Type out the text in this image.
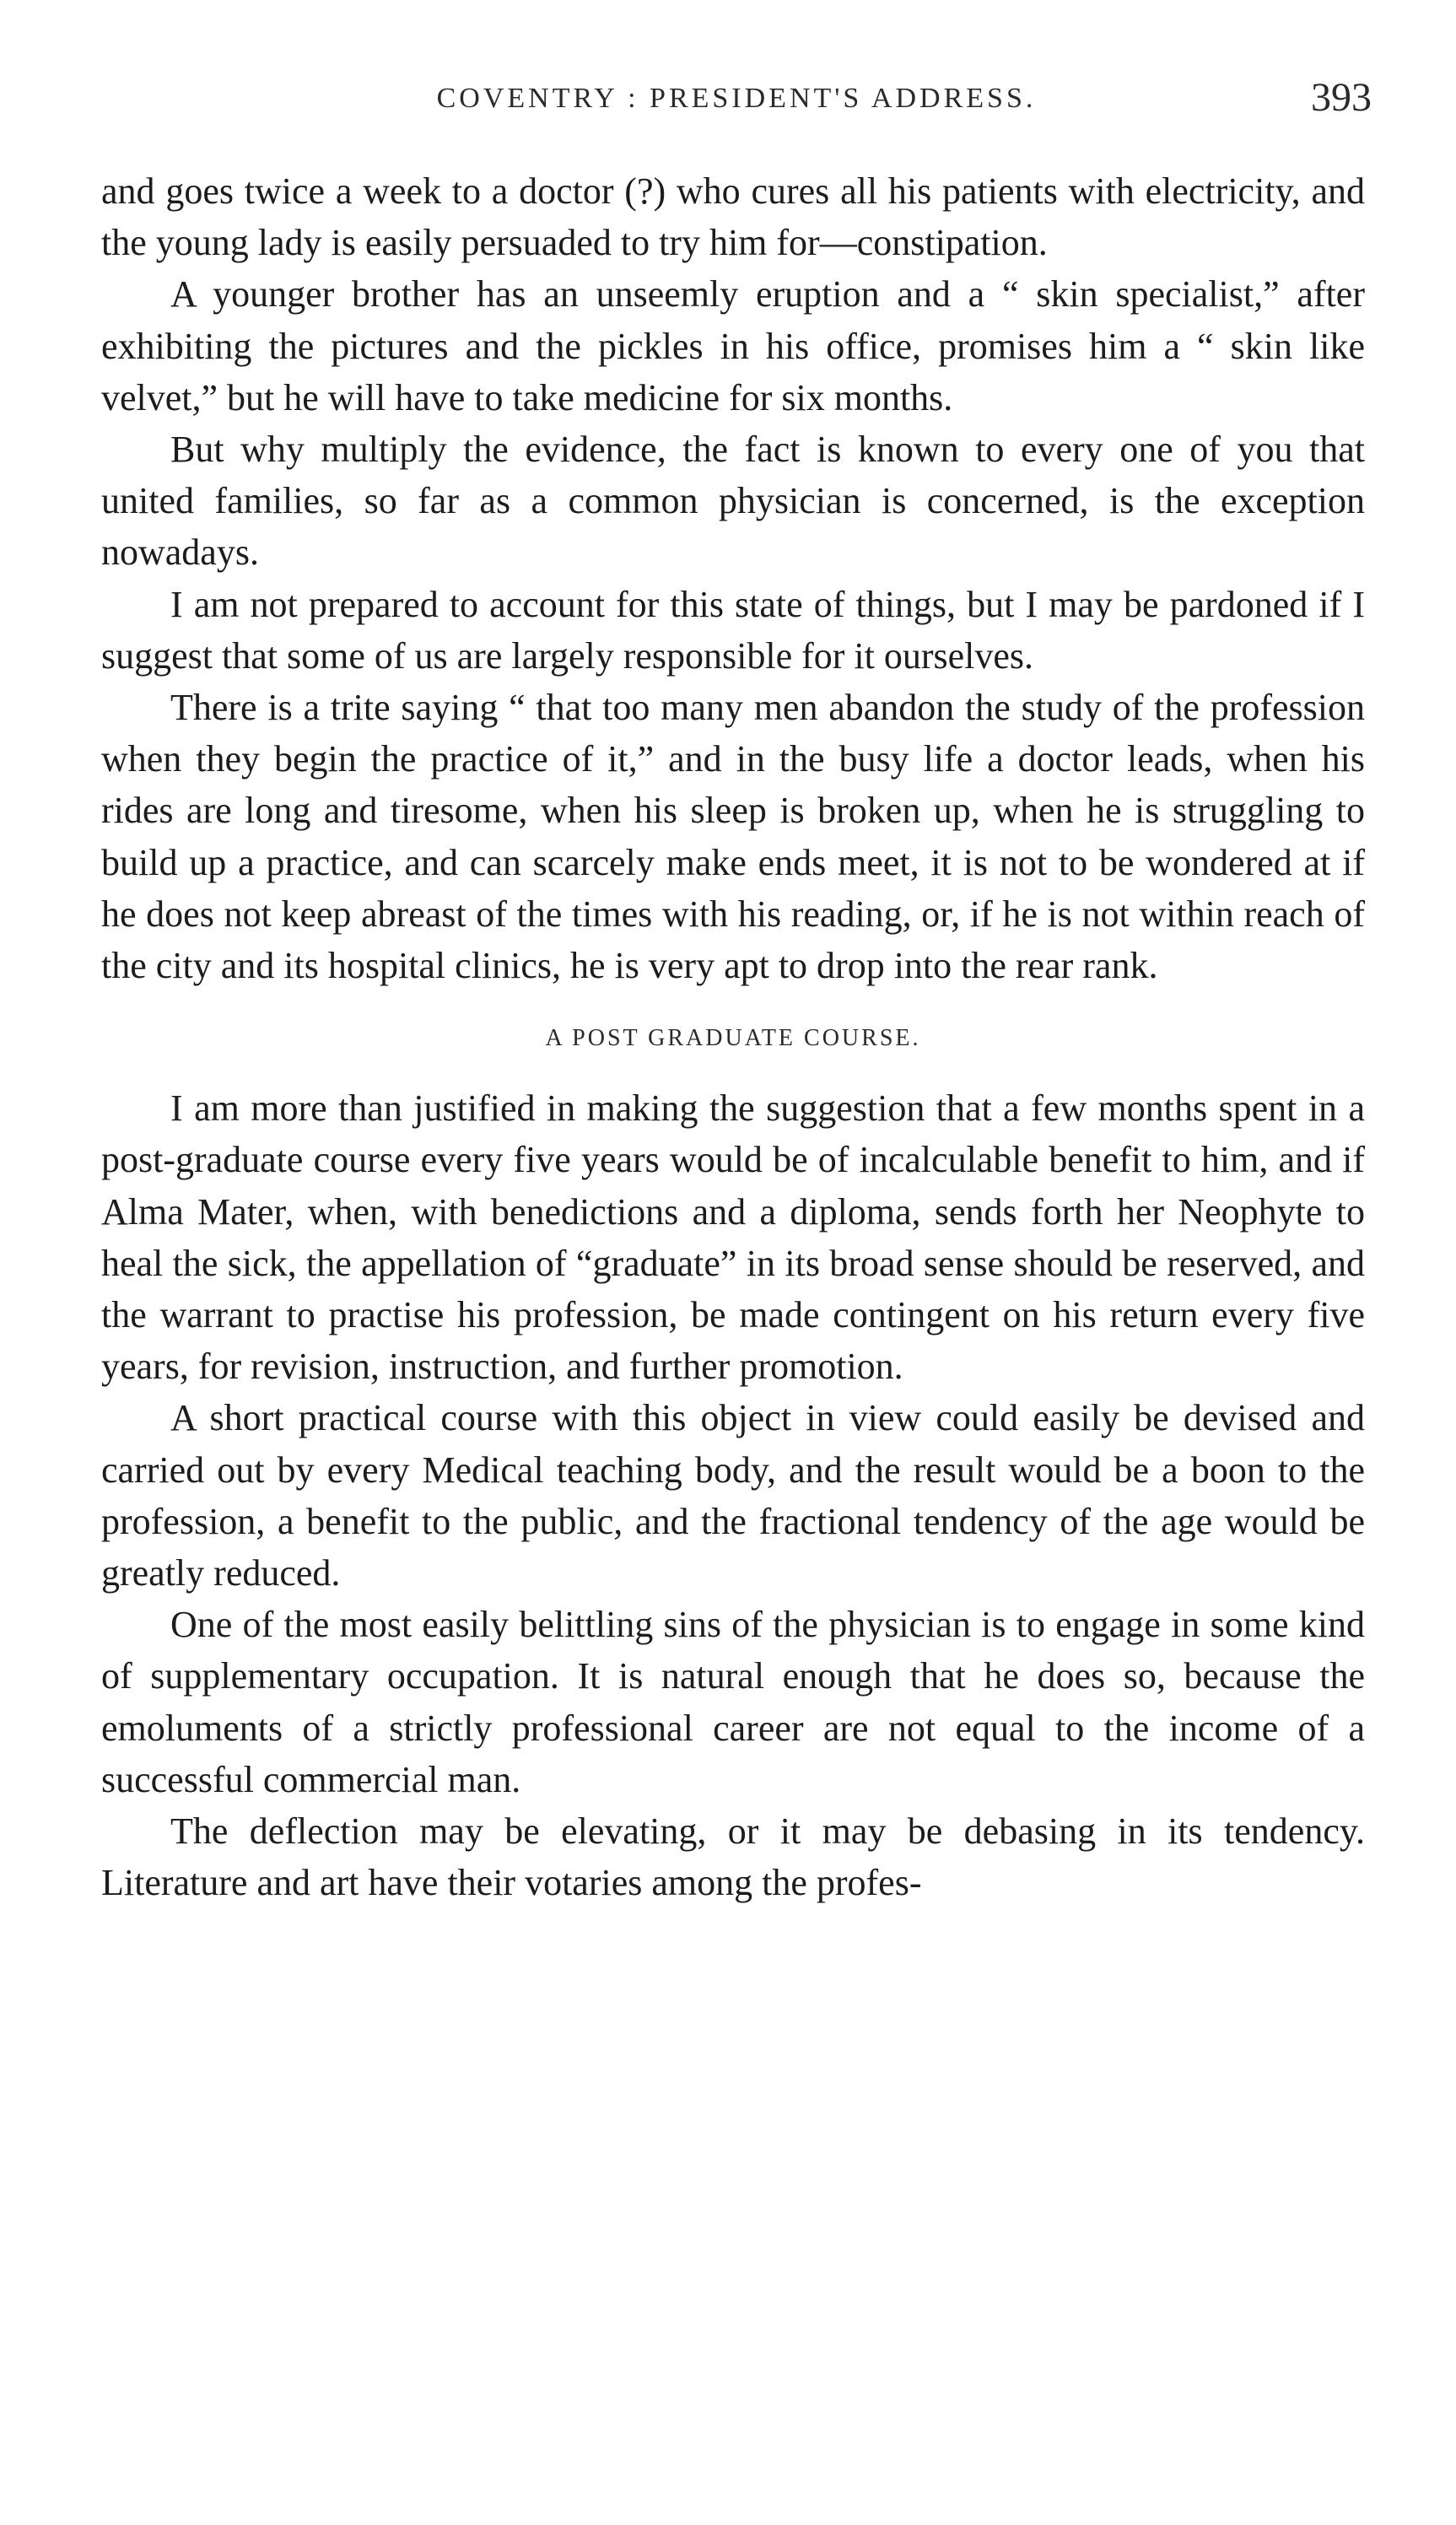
COVENTRY : PRESIDENT'S ADDRESS.	393

and goes twice a week to a doctor (?) who cures all his patients with electricity, and the young lady is easily persuaded to try him for—constipation.

A younger brother has an unseemly eruption and a “ skin specialist,” after exhibiting the pictures and the pickles in his office, promises him a “ skin like velvet,” but he will have to take medicine for six months.

But why multiply the evidence, the fact is known to every one of you that united families, so far as a common physician is concerned, is the exception nowadays.

I am not prepared to account for this state of things, but I may be pardoned if I suggest that some of us are largely responsible for it ourselves.

There is a trite saying “ that too many men abandon the study of the profession when they begin the practice of it,” and in the busy life a doctor leads, when his rides are long and tiresome, when his sleep is broken up, when he is struggling to build up a practice, and can scarcely make ends meet, it is not to be wondered at if he does not keep abreast of the times with his reading, or, if he is not within reach of the city and its hospital clinics, he is very apt to drop into the rear rank.

A POST GRADUATE COURSE.

I am more than justified in making the suggestion that a few months spent in a post-graduate course every five years would be of incalculable benefit to him, and if Alma Mater, when, with benedictions and a diploma, sends forth her Neophyte to heal the sick, the appellation of “graduate” in its broad sense should be reserved, and the warrant to practise his profession, be made contingent on his return every five years, for revision, instruction, and further promotion.

A short practical course with this object in view could easily be devised and carried out by every Medical teaching body, and the result would be a boon to the profession, a benefit to the public, and the fractional tendency of the age would be greatly reduced.

One of the most easily belittling sins of the physician is to engage in some kind of supplementary occupation. It is natural enough that he does so, because the emoluments of a strictly professional career are not equal to the income of a successful commercial man.

The deflection may be elevating, or it may be debasing in its tendency. Literature and art have their votaries among the profes-
